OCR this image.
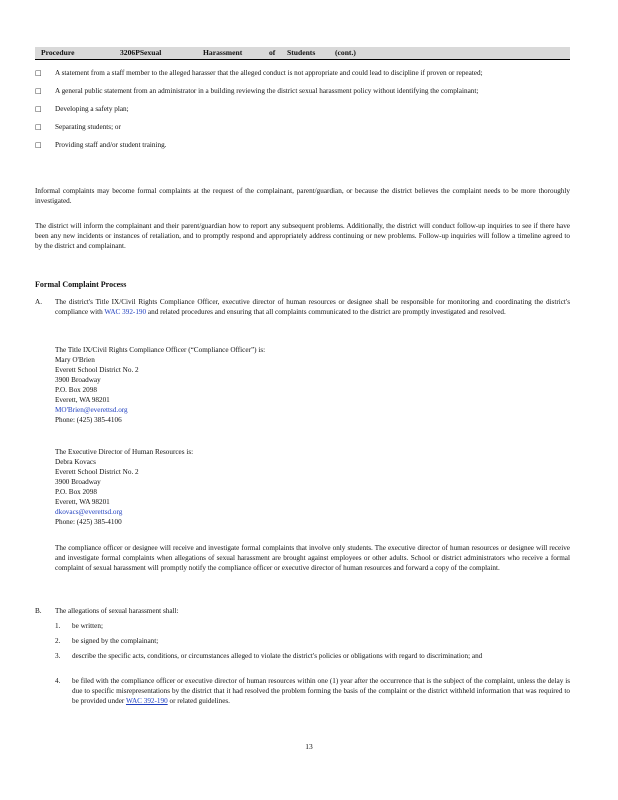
Procedure	3206PSexual	Harassment	of Students	(cont.)
□ A statement from a staff member to the alleged harasser that the alleged conduct is not appropriate and could lead to discipline if proven or repeated;
□ A general public statement from an administrator in a building reviewing the district sexual harassment policy without identifying the complainant;
□ Developing a safety plan;
□ Separating students; or
□ Providing staff and/or student training.
Informal complaints may become formal complaints at the request of the complainant, parent/guardian, or because the district believes the complaint needs to be more thoroughly investigated.
The district will inform the complainant and their parent/guardian how to report any subsequent problems. Additionally, the district will conduct follow-up inquiries to see if there have been any new incidents or instances of retaliation, and to promptly respond and appropriately address continuing or new problems. Follow-up inquiries will follow a timeline agreed to by the district and complainant.
Formal Complaint Process
A. The district's Title IX/Civil Rights Compliance Officer, executive director of human resources or designee shall be responsible for monitoring and coordinating the district's compliance with WAC 392-190 and related procedures and ensuring that all complaints communicated to the district are promptly investigated and resolved.
The Title IX/Civil Rights Compliance Officer (“Compliance Officer”) is:
Mary O'Brien
Everett School District No. 2
3900 Broadway
P.O. Box 2098
Everett, WA 98201
MO'Brien@everettsd.org
Phone: (425) 385-4106
The Executive Director of Human Resources is:
Debra Kovacs
Everett School District No. 2
3900 Broadway
P.O. Box 2098
Everett, WA 98201
dkovacs@everettsd.org
Phone: (425) 385-4100
The compliance officer or designee will receive and investigate formal complaints that involve only students. The executive director of human resources or designee will receive and investigate formal complaints when allegations of sexual harassment are brought against employees or other adults. School or district administrators who receive a formal complaint of sexual harassment will promptly notify the compliance officer or executive director of human resources and forward a copy of the complaint.
B. The allegations of sexual harassment shall:
1. be written;
2. be signed by the complainant;
3. describe the specific acts, conditions, or circumstances alleged to violate the district's policies or obligations with regard to discrimination; and
4. be filed with the compliance officer or executive director of human resources within one (1) year after the occurrence that is the subject of the complaint, unless the delay is due to specific misrepresentations by the district that it had resolved the problem forming the basis of the complaint or the district withheld information that was required to be provided under WAC 392-190 or related guidelines.
13
